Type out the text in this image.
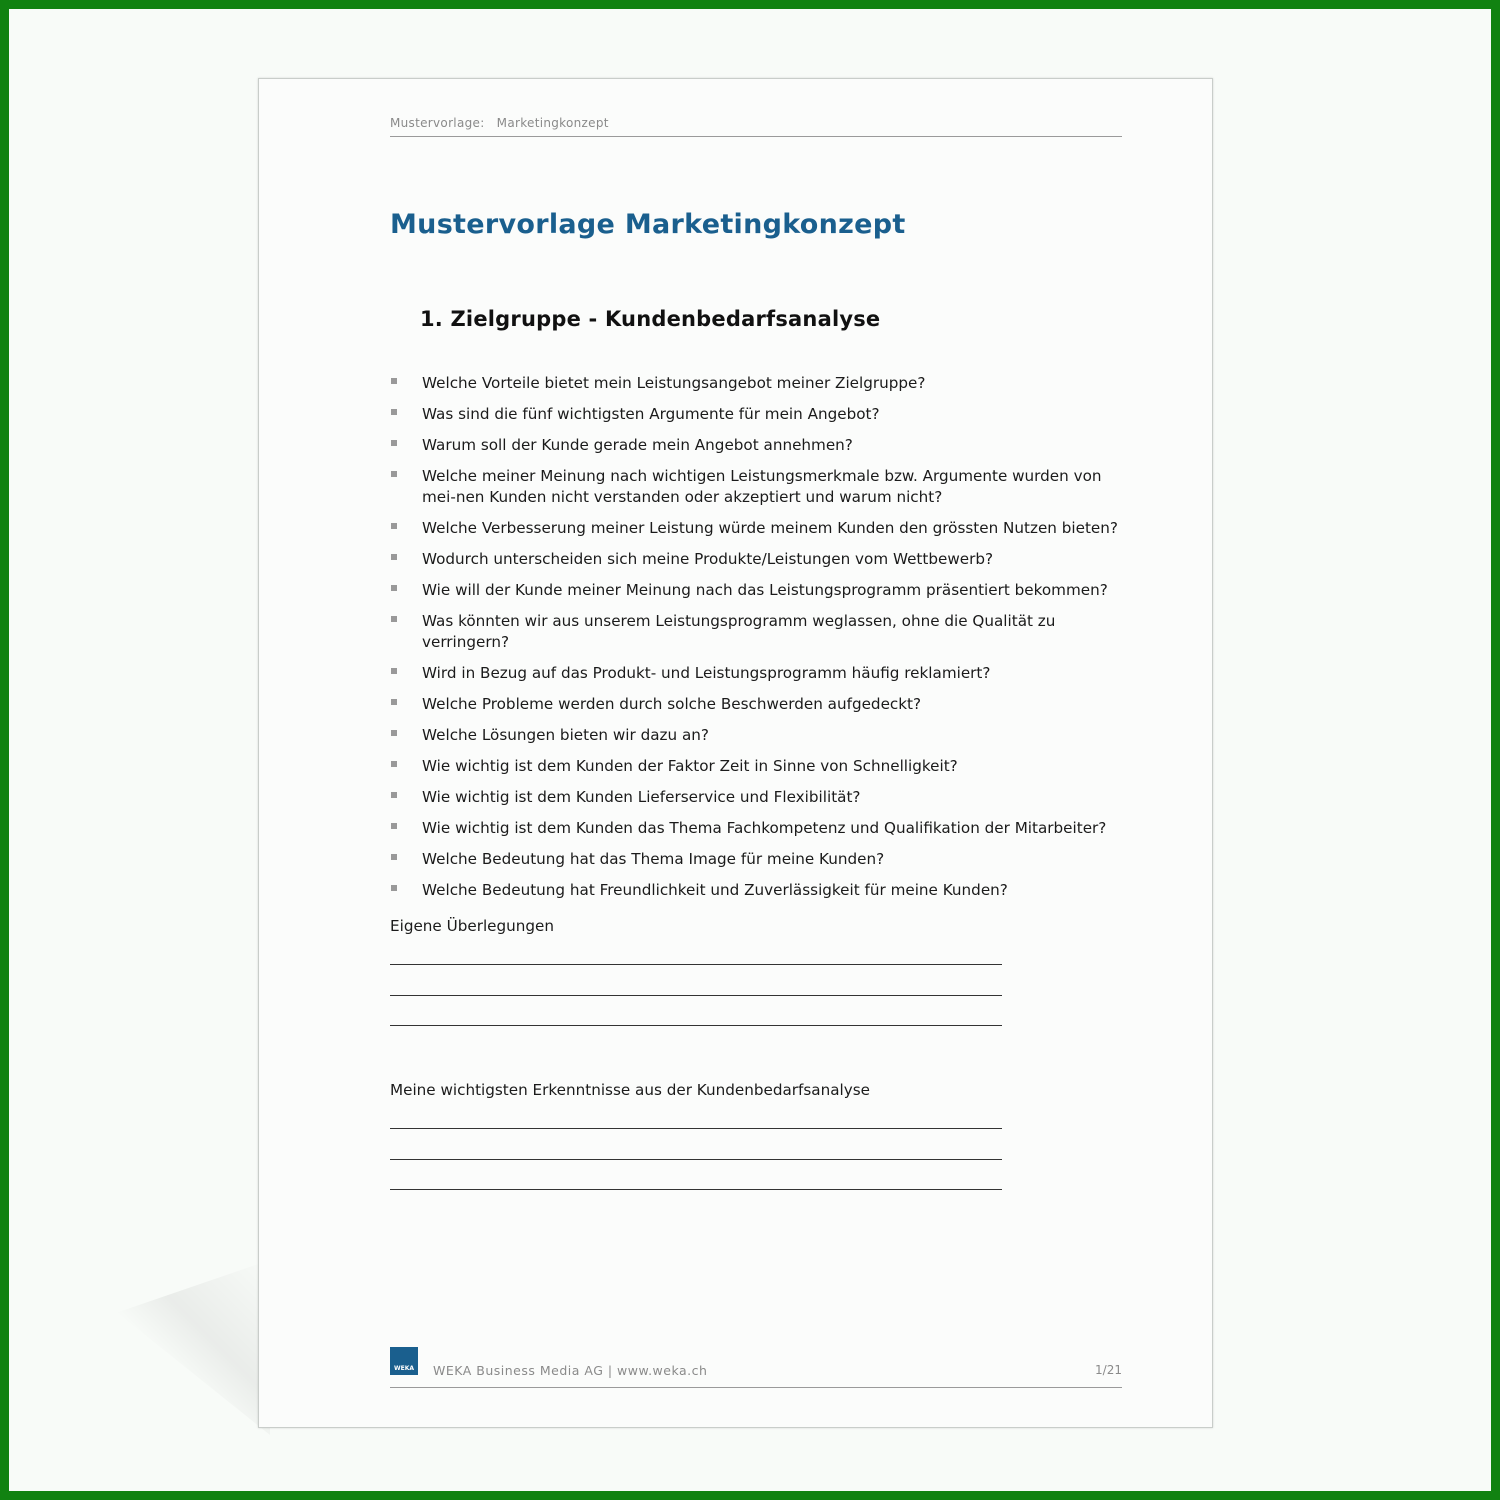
Mustervorlage: Marketingkonzept
Mustervorlage Marketingkonzept
1. Zielgruppe - Kundenbedarfsanalyse
Welche Vorteile bietet mein Leistungsangebot meiner Zielgruppe?
Was sind die fünf wichtigsten Argumente für mein Angebot?
Warum soll der Kunde gerade mein Angebot annehmen?
Welche meiner Meinung nach wichtigen Leistungsmerkmale bzw. Argumente wurden von mei-nen Kunden nicht verstanden oder akzeptiert und warum nicht?
Welche Verbesserung meiner Leistung würde meinem Kunden den grössten Nutzen bieten?
Wodurch unterscheiden sich meine Produkte/Leistungen vom Wettbewerb?
Wie will der Kunde meiner Meinung nach das Leistungsprogramm präsentiert bekommen?
Was könnten wir aus unserem Leistungsprogramm weglassen, ohne die Qualität zu verringern?
Wird in Bezug auf das Produkt- und Leistungsprogramm häufig reklamiert?
Welche Probleme werden durch solche Beschwerden aufgedeckt?
Welche Lösungen bieten wir dazu an?
Wie wichtig ist dem Kunden der Faktor Zeit in Sinne von Schnelligkeit?
Wie wichtig ist dem Kunden Lieferservice und Flexibilität?
Wie wichtig ist dem Kunden das Thema Fachkompetenz und Qualifikation der Mitarbeiter?
Welche Bedeutung hat das Thema Image für meine Kunden?
Welche Bedeutung hat Freundlichkeit und Zuverlässigkeit für meine Kunden?
Eigene Überlegungen
Meine wichtigsten Erkenntnisse aus der Kundenbedarfsanalyse
WEKA	WEKA Business Media AG | www.weka.ch	1/21
